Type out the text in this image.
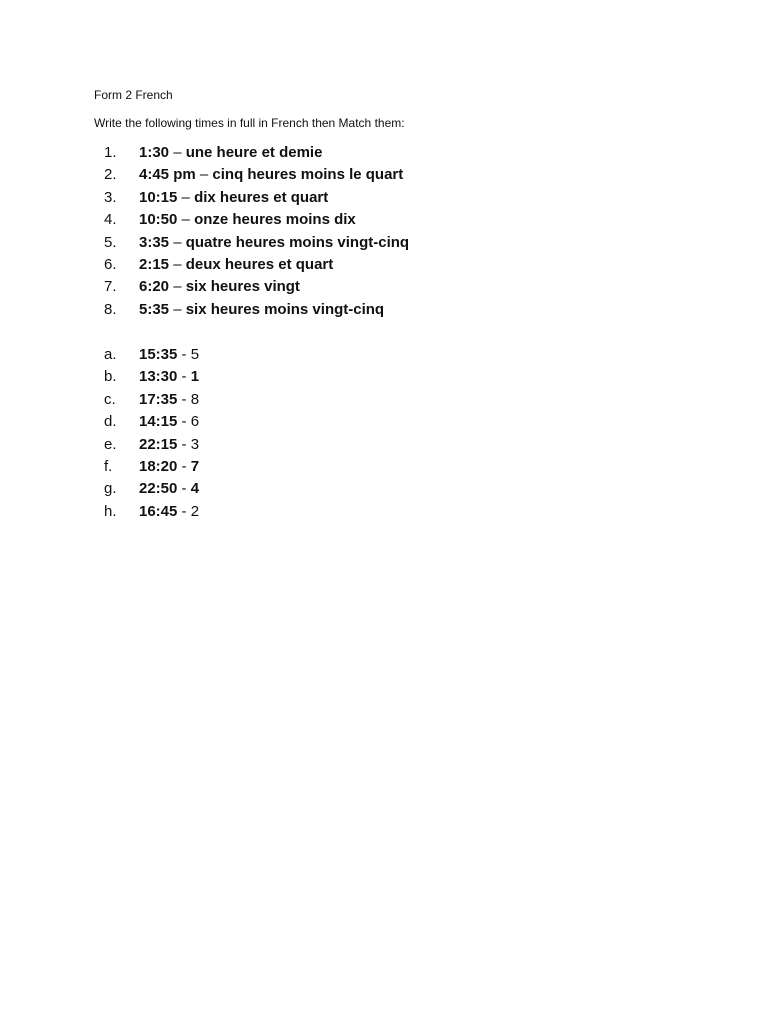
Form 2 French
Write the following times in full in French then Match them:
1. 1:30 – une heure et demie
2. 4:45 pm – cinq heures moins le quart
3. 10:15 – dix heures et quart
4. 10:50 – onze heures moins dix
5. 3:35 – quatre heures moins vingt-cinq
6. 2:15 – deux heures et quart
7. 6:20 – six heures vingt
8. 5:35 – six heures moins vingt-cinq
a. 15:35 - 5
b. 13:30 - 1
c. 17:35 - 8
d. 14:15 - 6
e. 22:15 - 3
f. 18:20 - 7
g. 22:50 - 4
h. 16:45 - 2
